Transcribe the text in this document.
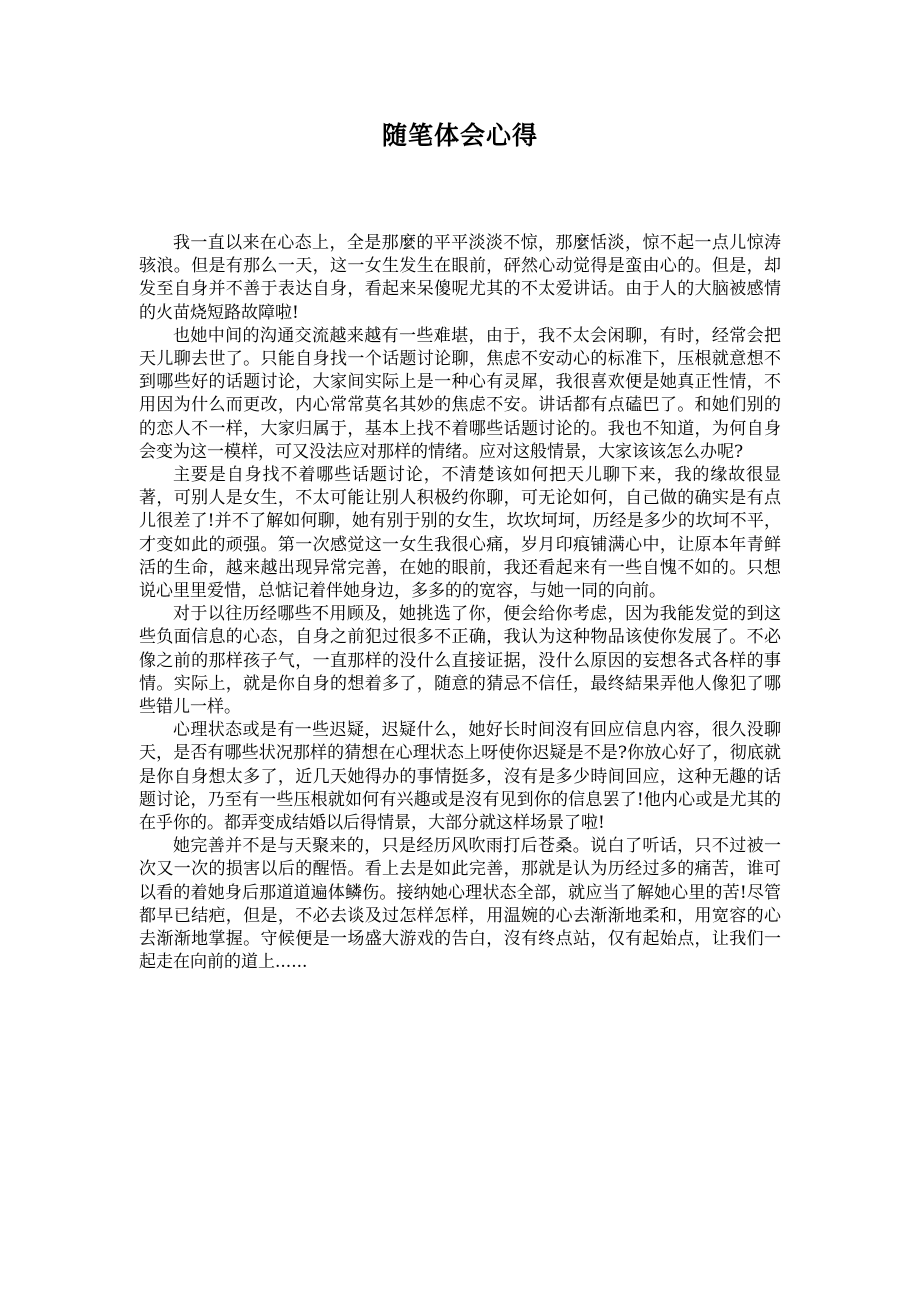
随笔体会心得

我一直以来在心态上，全是那麼的平平淡淡不惊，那麼恬淡，惊不起一点儿惊涛骇浪。但是有那么一天，这一女生发生在眼前，砰然心动觉得是蛮由心的。但是，却发至自身并不善于表达自身，看起来呆傻呢尤其的不太爱讲话。由于人的大脑被感情的火苗烧短路故障啦!

也她中间的沟通交流越来越有一些难堪，由于，我不太会闲聊，有时，经常会把天儿聊去世了。只能自身找一个话题讨论聊，焦虑不安动心的标准下，压根就意想不到哪些好的话题讨论，大家间实际上是一种心有灵犀，我很喜欢便是她真正性情，不用因为什么而更改，内心常常莫名其妙的焦虑不安。讲话都有点磕巴了。和她们别的的恋人不一样，大家归属于，基本上找不着哪些话题讨论的。我也不知道，为何自身会变为这一模样，可又没法应对那样的情绪。应对这般情景，大家该该怎么办呢?

主要是自身找不着哪些话题讨论，不清楚该如何把天儿聊下来，我的缘故很显著，可别人是女生，不太可能让别人积极约你聊，可无论如何，自己做的确实是有点儿很差了!并不了解如何聊，她有别于别的女生，坎坎坷坷，历经是多少的坎坷不平，才变如此的顽强。第一次感觉这一女生我很心痛，岁月印痕铺满心中，让原本年青鲜活的生命，越来越出现异常完善，在她的眼前，我还看起来有一些自愧不如的。只想说心里里爱惜，总惦记着伴她身边，多多的的宽容，与她一同的向前。

对于以往历经哪些不用顾及，她挑选了你，便会给你考虑，因为我能发觉的到这些负面信息的心态，自身之前犯过很多不正确，我认为这种物品该使你发展了。不必像之前的那样孩子气，一直那样的没什么直接证据，没什么原因的妄想各式各样的事情。实际上，就是你自身的想着多了，随意的猜忌不信任，最终結果弄他人像犯了哪些错儿一样。

心理状态或是有一些迟疑，迟疑什么，她好长时间沒有回应信息内容，很久没聊天，是否有哪些状况那样的猜想在心理状态上呀使你迟疑是不是?你放心好了，彻底就是你自身想太多了，近几天她得办的事情挺多，沒有是多少時间回应，这种无趣的话题讨论，乃至有一些压根就如何有兴趣或是沒有见到你的信息罢了!他内心或是尤其的在乎你的。都弄变成结婚以后得情景，大部分就这样场景了啦!

她完善并不是与天聚来的，只是经历风吹雨打后苍桑。说白了听话，只不过被一次又一次的损害以后的醒悟。看上去是如此完善，那就是认为历经过多的痛苦，谁可以看的着她身后那道道遍体鳞伤。接纳她心理状态全部，就应当了解她心里的苦!尽管都早已结疤，但是，不必去谈及过怎样怎样，用温婉的心去渐渐地柔和，用宽容的心去渐渐地掌握。守候便是一场盛大游戏的告白，沒有终点站，仅有起始点，让我们一起走在向前的道上......
